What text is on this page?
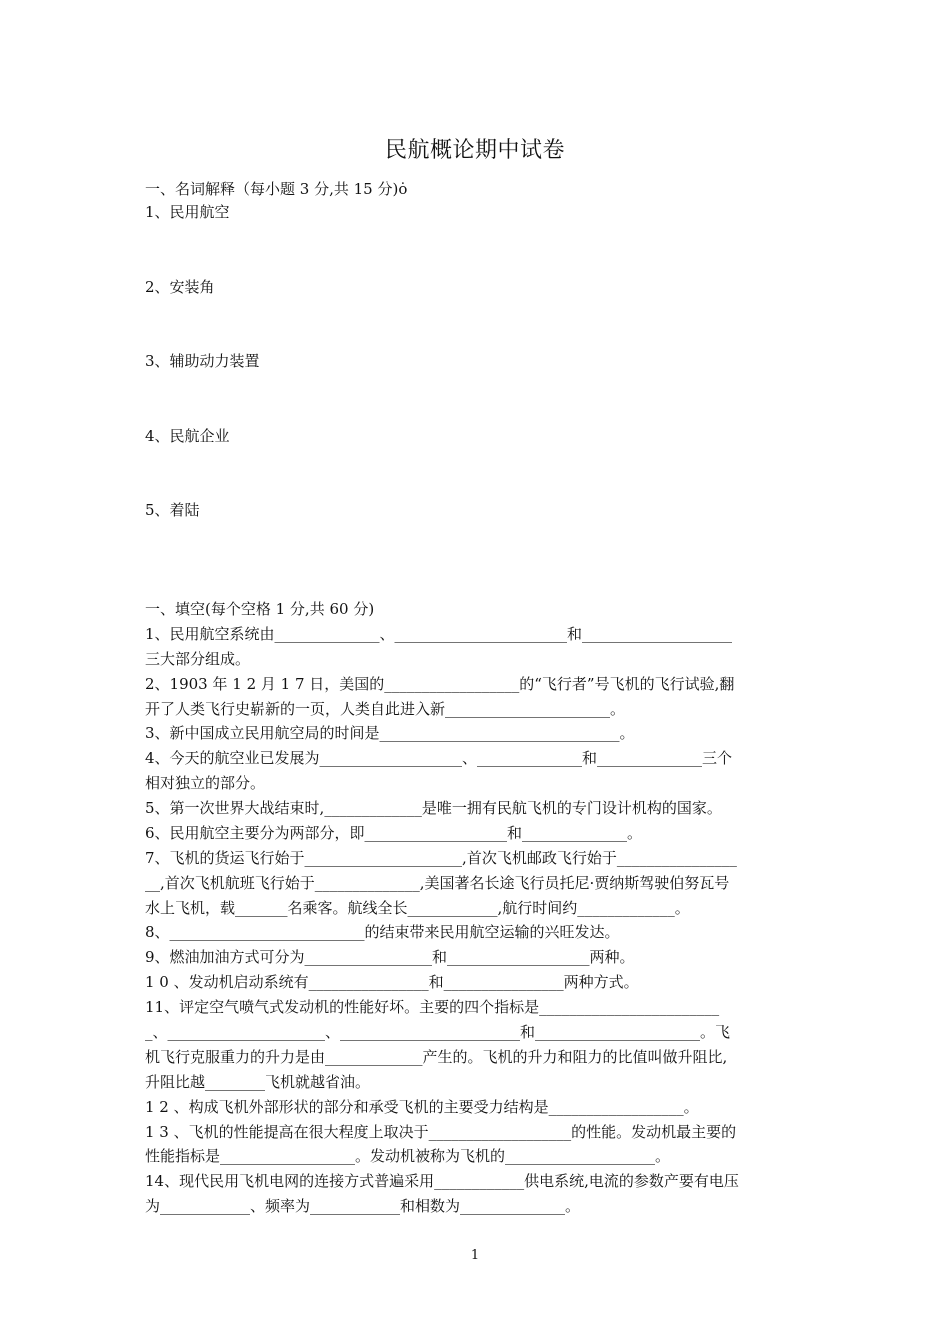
民航概论期中试卷
一、名词解释（每小题 3 分,共 15 分)ȯ
1、民用航空
2、安装角
3、辅助动力装置
4、民航企业
5、着陆
一、填空(每个空格 1 分,共 60 分)
1、民用航空系统由______________、_______________________和____________________
三大部分组成。
2、1903 年 1 2 月 1 7 日，美国的__________________的“飞行者”号飞机的飞行试验,翻
开了人类飞行史崭新的一页，人类自此进入新______________________。
3、新中国成立民用航空局的时间是________________________________。
4、今天的航空业已发展为___________________、______________和______________三个
相对独立的部分。
5、第一次世界大战结束时,_____________是唯一拥有民航飞机的专门设计机构的国家。
6、民用航空主要分为两部分，即___________________和______________。
7、飞机的货运飞行始于_____________________,首次飞机邮政飞行始于________________
__,首次飞机航班飞行始于______________,美国著名长途飞行员托尼·贾纳斯驾驶伯努瓦号
水上飞机，载_______名乘客。航线全长____________,航行时间约_____________。
8、__________________________的结束带来民用航空运输的兴旺发达。
9、燃油加油方式可分为_________________和___________________两种。
1 0 、发动机启动系统有________________和________________两种方式。
11、评定空气喷气式发动机的性能好坏。主要的四个指标是________________________
_、_____________________、________________________和______________________。飞
机飞行克服重力的升力是由_____________产生的。飞机的升力和阻力的比值叫做升阻比,
升阻比越________飞机就越省油。
1 2 、构成飞机外部形状的部分和承受飞机的主要受力结构是__________________。
1 3 、飞机的性能提高在很大程度上取决于___________________的性能。发动机最主要的
性能指标是__________________。发动机被称为飞机的____________________。
14、现代民用飞机电网的连接方式普遍采用____________供电系统,电流的参数产要有电压
为____________、频率为____________和相数为______________。
1
